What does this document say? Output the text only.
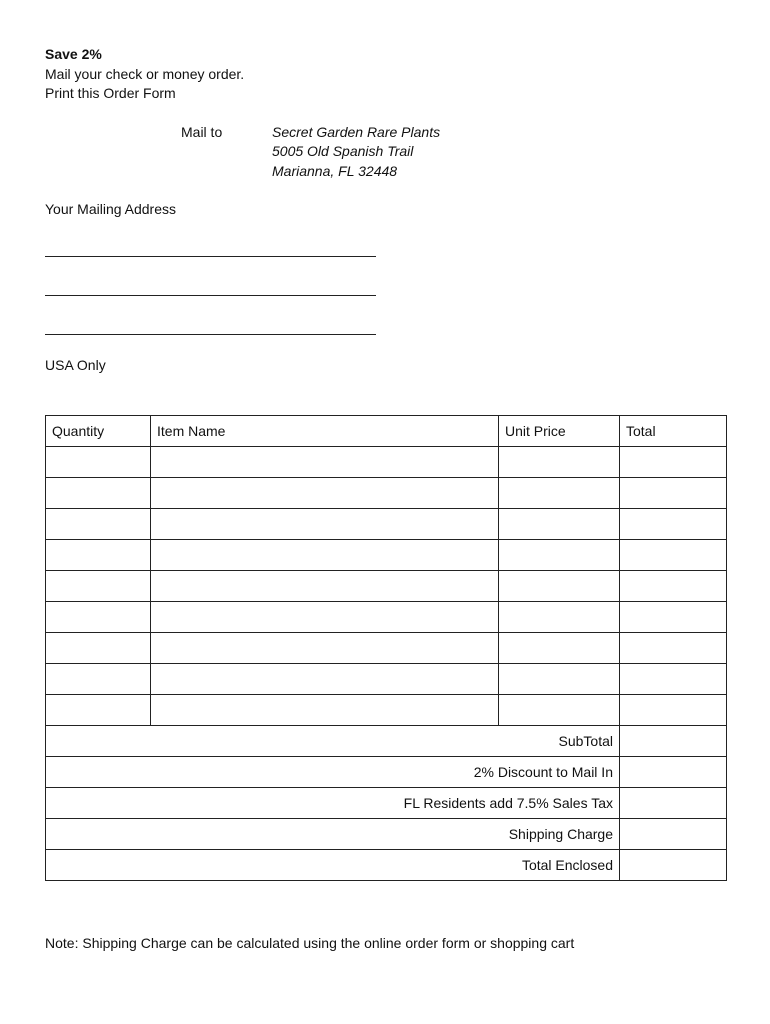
Save 2%
Mail your check or money order.
Print this Order Form
Mail to	Secret Garden Rare Plants
5005 Old Spanish Trail
Marianna, FL 32448
Your Mailing Address
USA Only
Quantity	Item Name	Unit Price	Total

SubTotal			
2% Discount to Mail In			
FL Residents add 7.5% Sales Tax			
Shipping Charge			
Total Enclosed			
Note: Shipping Charge can be calculated using the online order form or shopping cart
